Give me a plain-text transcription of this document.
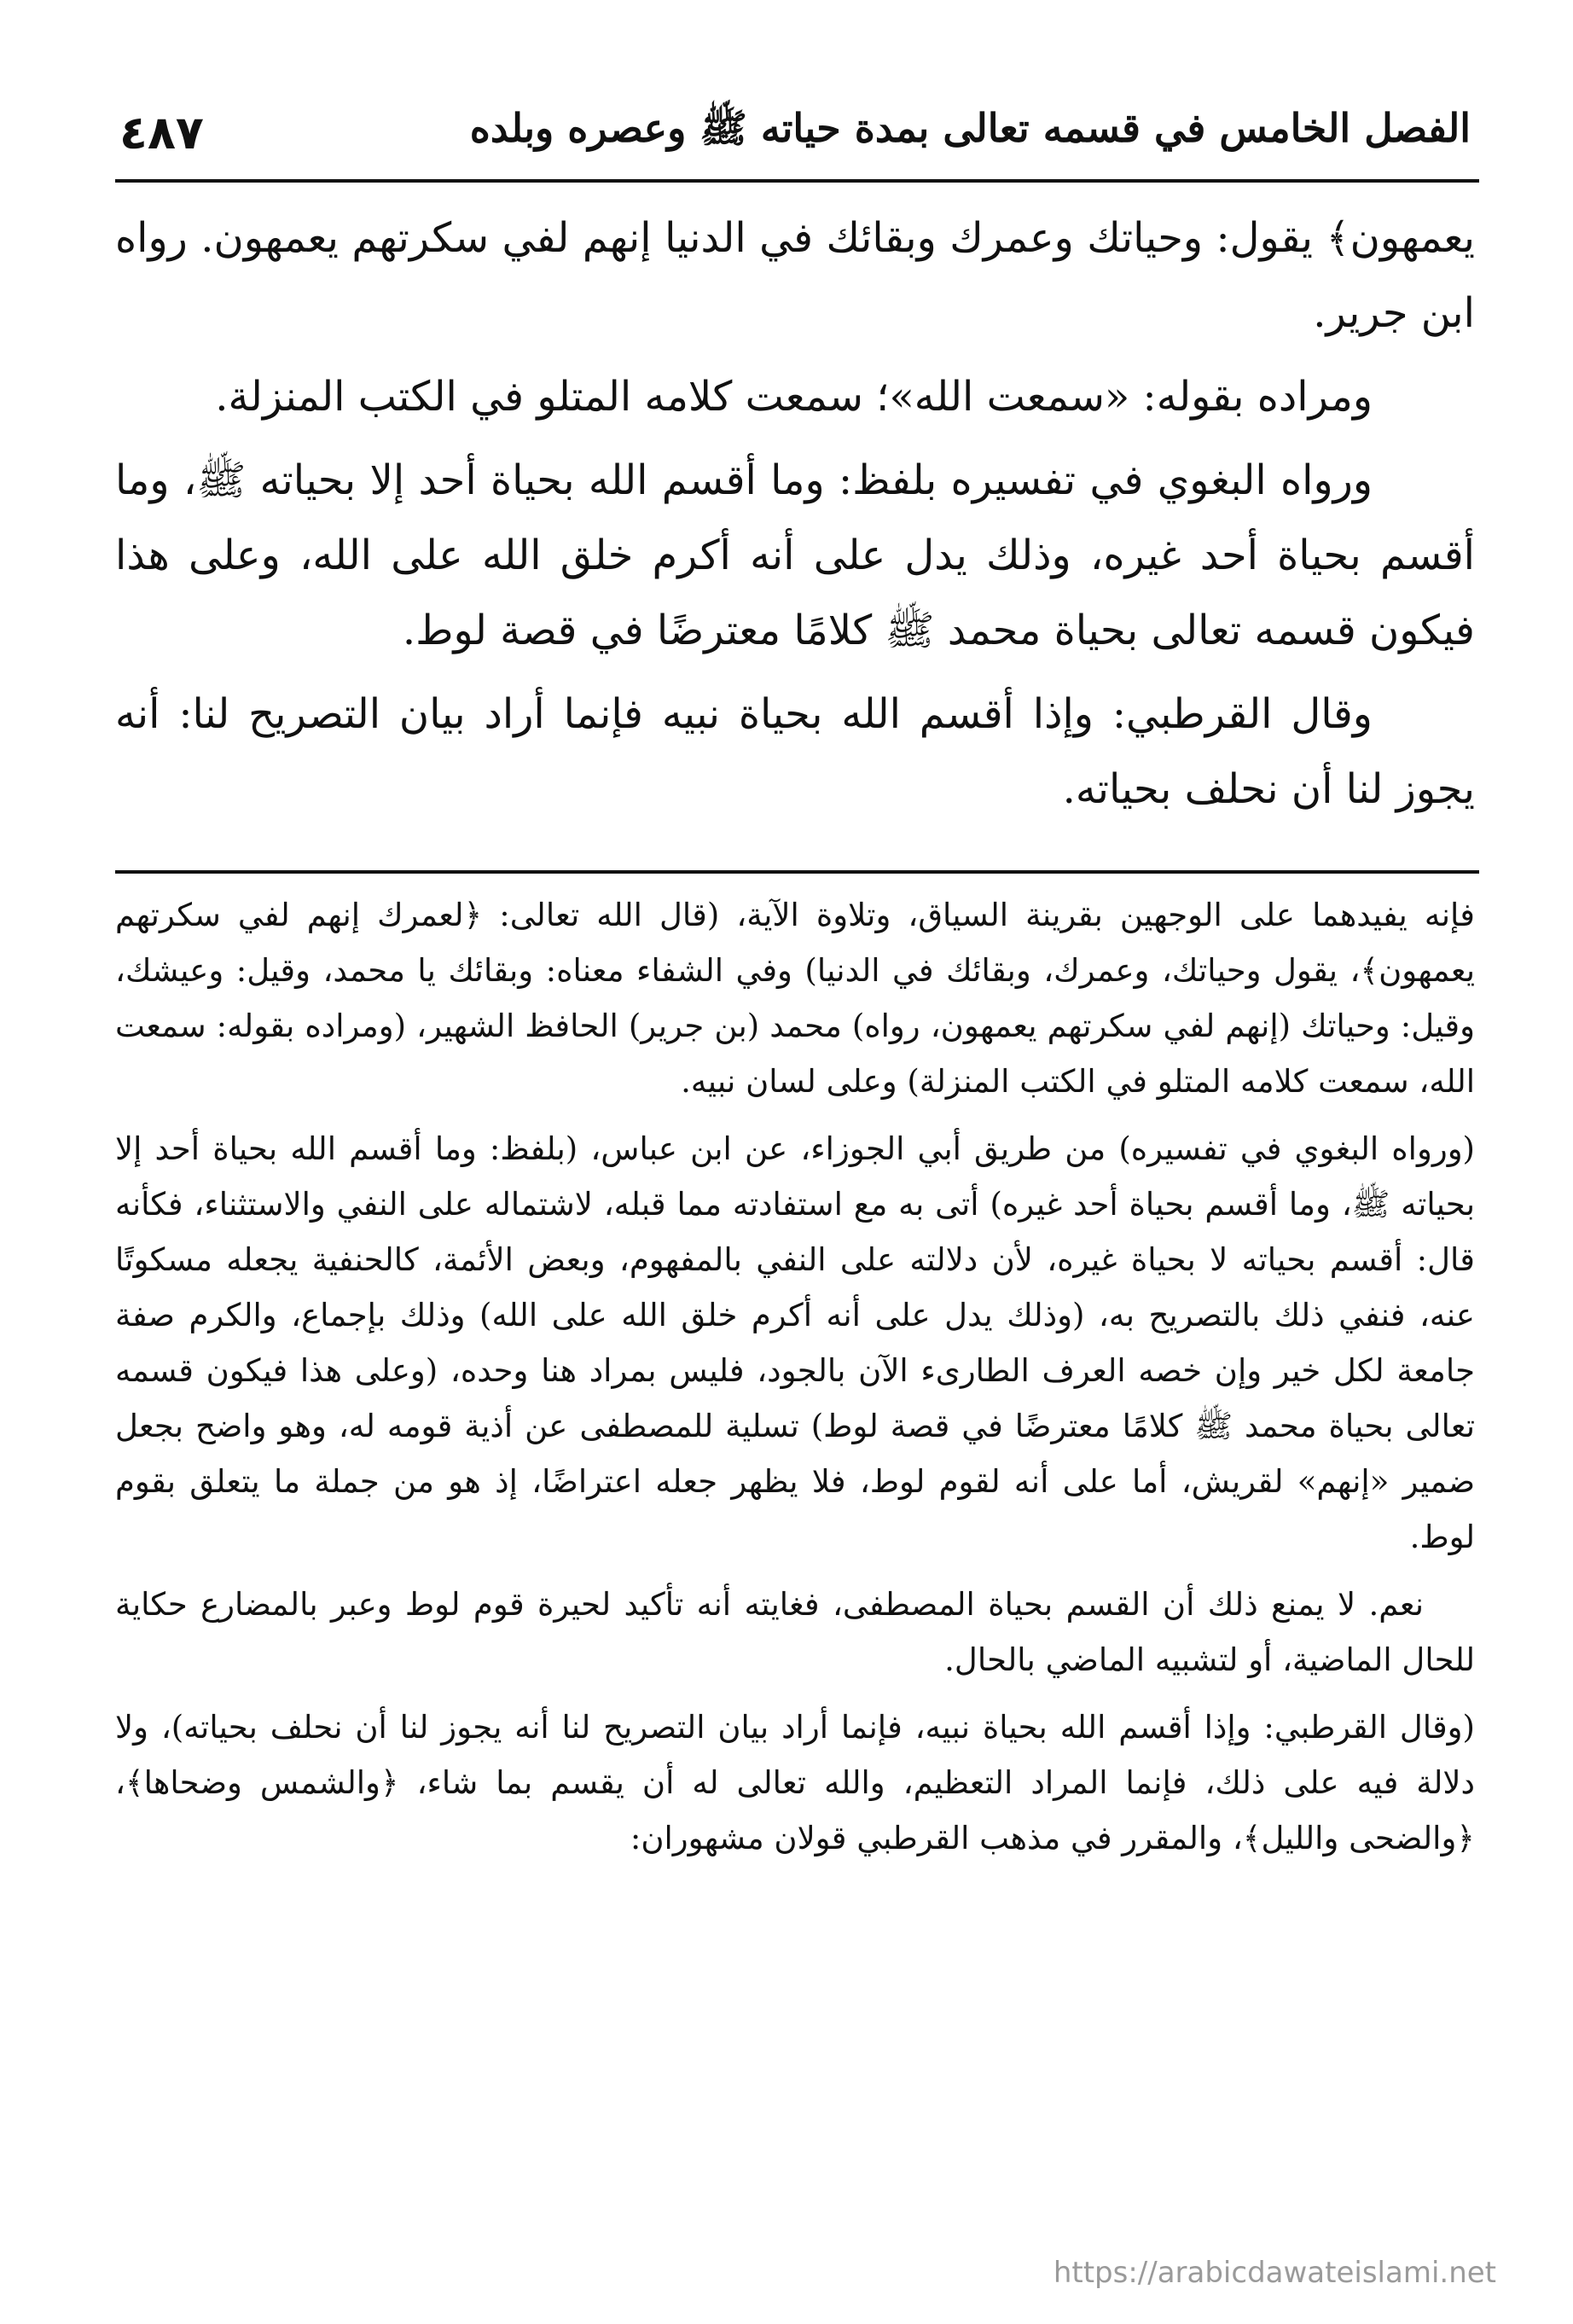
الفصل الخامس في قسمه تعالى بمدة حياته ﷺ وعصره وبلده
٤٨٧

يعمهون﴾ يقول: وحياتك وعمرك وبقائك في الدنيا إنهم لفي سكرتهم يعمهون. رواه ابن جرير.

ومراده بقوله: «سمعت الله»؛ سمعت كلامه المتلو في الكتب المنزلة.

ورواه البغوي في تفسيره بلفظ: وما أقسم الله بحياة أحد إلا بحياته ﷺ، وما أقسم بحياة أحد غيره، وذلك يدل على أنه أكرم خلق الله على الله، وعلى هذا فيكون قسمه تعالى بحياة محمد ﷺ كلامًا معترضًا في قصة لوط.

وقال القرطبي: وإذا أقسم الله بحياة نبيه فإنما أراد بيان التصريح لنا: أنه يجوز لنا أن نحلف بحياته.

فإنه يفيدهما على الوجهين بقرينة السياق، وتلاوة الآية، (قال الله تعالى: ﴿لعمرك إنهم لفي سكرتهم يعمهون﴾، يقول وحياتك، وعمرك، وبقائك في الدنيا) وفي الشفاء معناه: وبقائك يا محمد، وقيل: وعيشك، وقيل: وحياتك (إنهم لفي سكرتهم يعمهون، رواه) محمد (بن جرير) الحافظ الشهير، (ومراده بقوله: سمعت الله، سمعت كلامه المتلو في الكتب المنزلة) وعلى لسان نبيه.

(ورواه البغوي في تفسيره) من طريق أبي الجوزاء، عن ابن عباس، (بلفظ: وما أقسم الله بحياة أحد إلا بحياته ﷺ، وما أقسم بحياة أحد غيره) أتى به مع استفادته مما قبله، لاشتماله على النفي والاستثناء، فكأنه قال: أقسم بحياته لا بحياة غيره، لأن دلالته على النفي بالمفهوم، وبعض الأئمة، كالحنفية يجعله مسكوتًا عنه، فنفي ذلك بالتصريح به، (وذلك يدل على أنه أكرم خلق الله على الله) وذلك بإجماع، والكرم صفة جامعة لكل خير وإن خصه العرف الطارىء الآن بالجود، فليس بمراد هنا وحده، (وعلى هذا فيكون قسمه تعالى بحياة محمد ﷺ كلامًا معترضًا في قصة لوط) تسلية للمصطفى عن أذية قومه له، وهو واضح بجعل ضمير «إنهم» لقريش، أما على أنه لقوم لوط، فلا يظهر جعله اعتراضًا، إذ هو من جملة ما يتعلق بقوم لوط.

نعم. لا يمنع ذلك أن القسم بحياة المصطفى، فغايته أنه تأكيد لحيرة قوم لوط وعبر بالمضارع حكاية للحال الماضية، أو لتشبيه الماضي بالحال.

(وقال القرطبي: وإذا أقسم الله بحياة نبيه، فإنما أراد بيان التصريح لنا أنه يجوز لنا أن نحلف بحياته)، ولا دلالة فيه على ذلك، فإنما المراد التعظيم، والله تعالى له أن يقسم بما شاء، ﴿والشمس وضحاها﴾، ﴿والضحى والليل﴾، والمقرر في مذهب القرطبي قولان مشهوران:

https://arabicdawateislami.net
